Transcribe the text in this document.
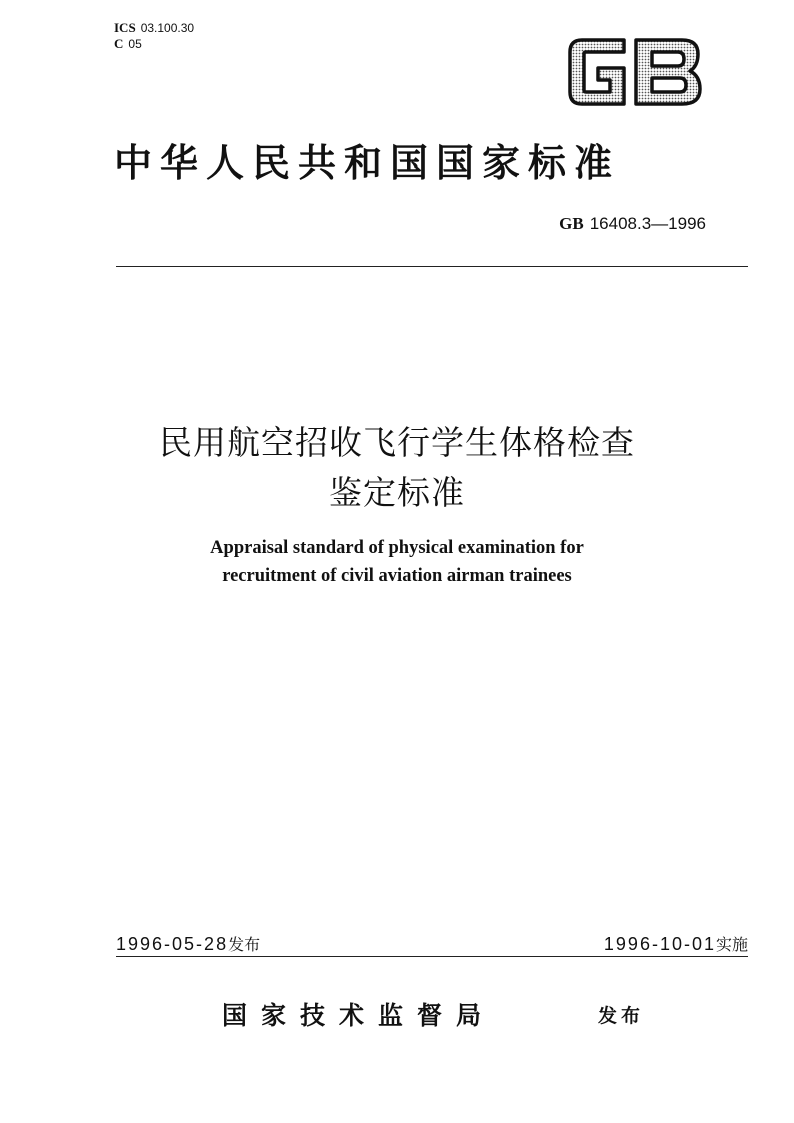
ICS 03.100.30
C 05
中华人民共和国国家标准
GB 16408.3—1996
民用航空招收飞行学生体格检查
鉴定标准
Appraisal standard of physical examination for
recruitment of civil aviation airman trainees
1996-05-28发布	1996-10-01实施
国家技术监督局	发布
